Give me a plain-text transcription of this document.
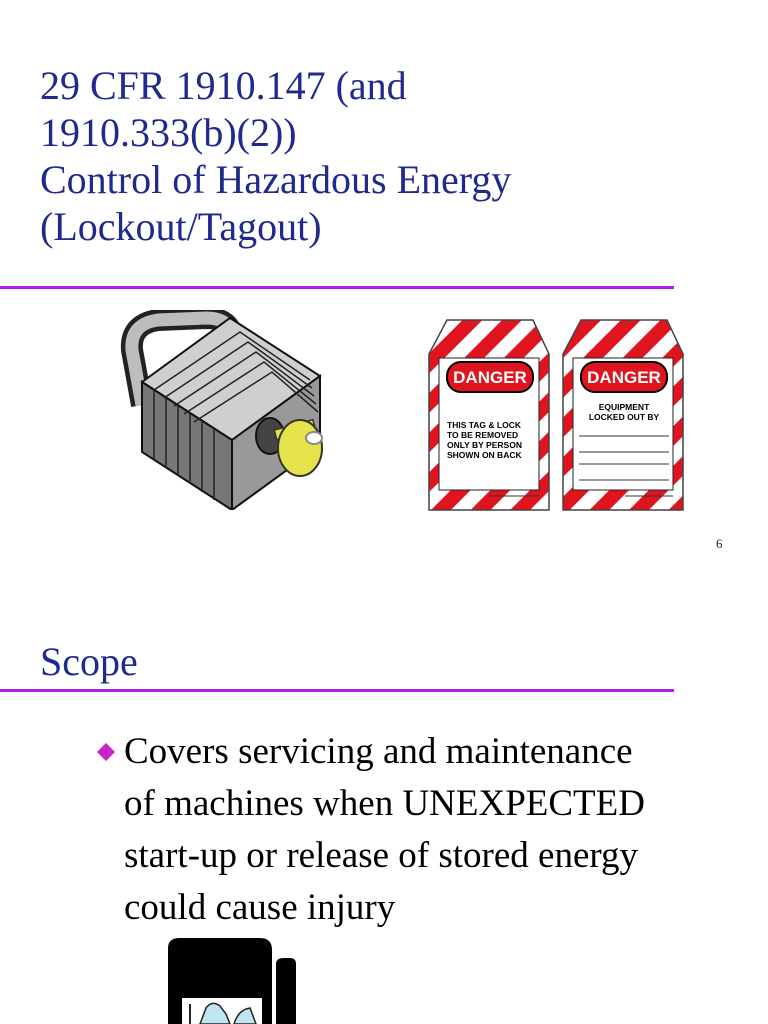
29 CFR 1910.147 (and
1910.333(b)(2))
Control of Hazardous Energy
(Lockout/Tagout)
DANGER
THIS TAG & LOCK
TO BE REMOVED
ONLY BY PERSON
SHOWN ON BACK
DANGER
EQUIPMENT
LOCKED OUT BY
6
Scope
Covers servicing and maintenance
of machines when UNEXPECTED
start-up or release of stored energy
could cause injury
